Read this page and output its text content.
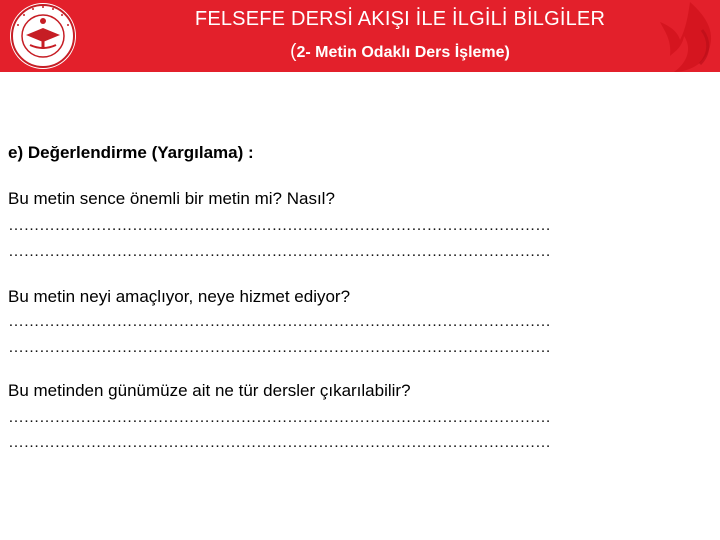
FELSEFE DERSİ AKIŞI İLE İLGİLİ BİLGİLER
(2- Metin Odaklı Ders İşleme)
e) Değerlendirme (Yargılama) :
Bu metin sence önemli bir metin mi? Nasıl?
……………………………………………………………………………………………
……………………………………………………………………………………………
Bu metin neyi amaçlıyor, neye hizmet ediyor?
……………………………………………………………………………………………
……………………………………………………………………………………………
Bu metinden günümüze ait ne tür dersler çıkarılabilir?
……………………………………………………………………………………………
……………………………………………………………………………………………
